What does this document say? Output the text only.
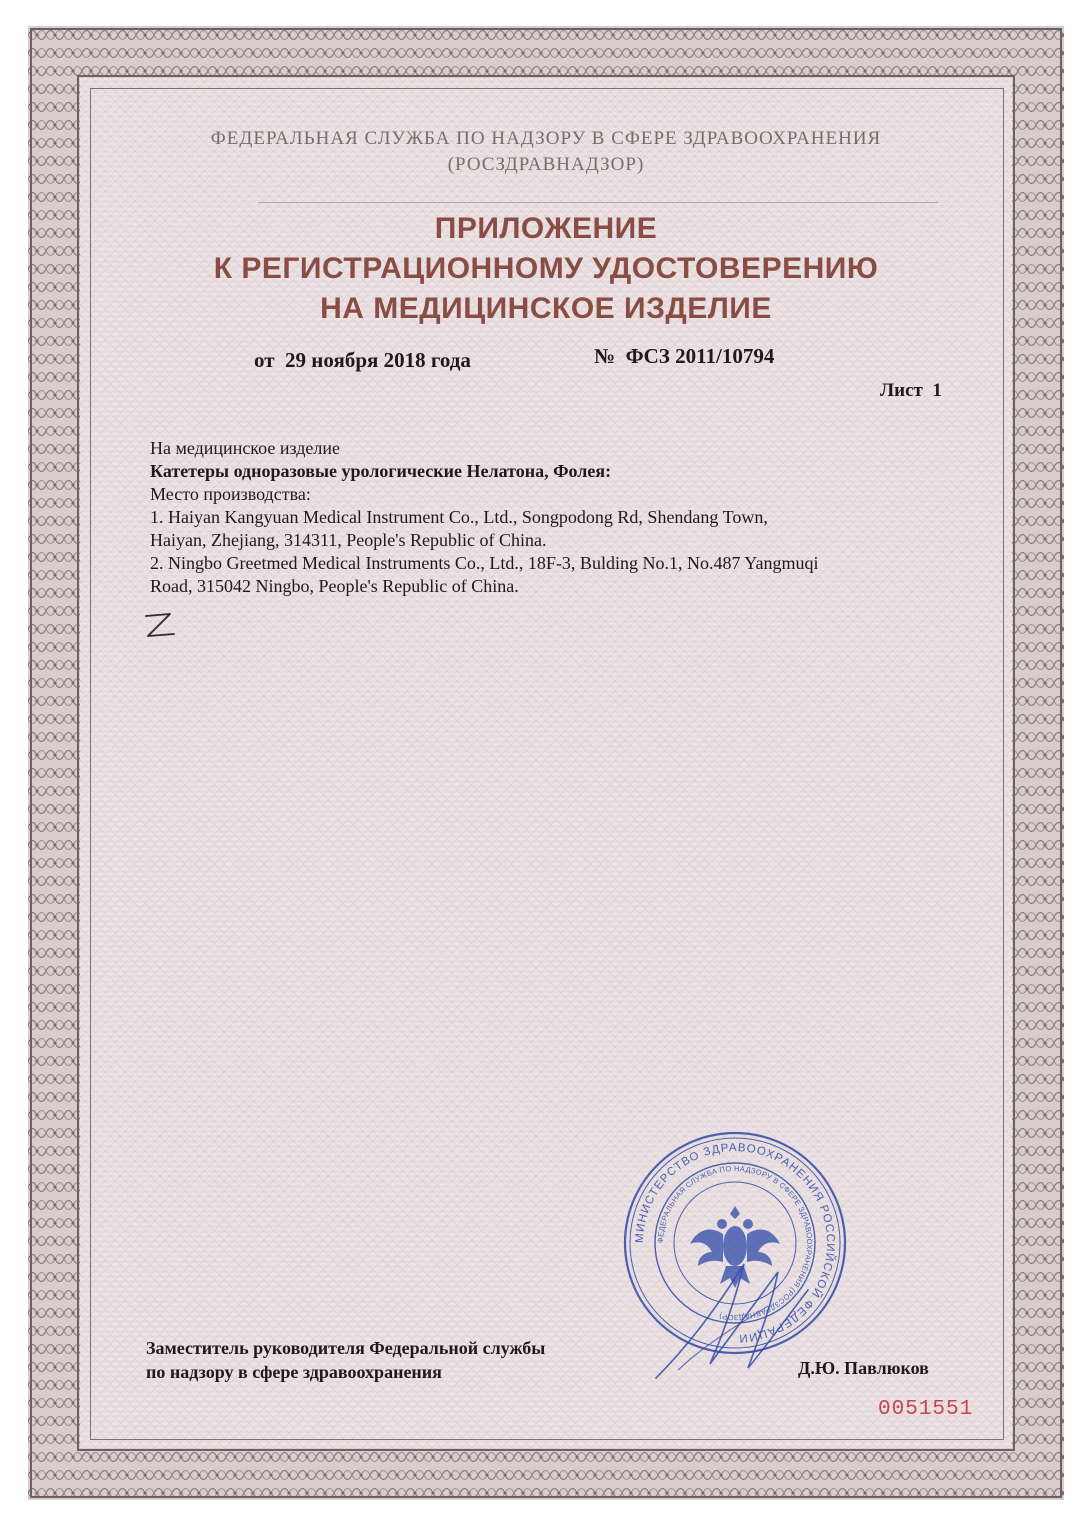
ФЕДЕРАЛЬНАЯ СЛУЖБА ПО НАДЗОРУ В СФЕРЕ ЗДРАВООХРАНЕНИЯ
(РОСЗДРАВНАДЗОР)
ПРИЛОЖЕНИЕ
К РЕГИСТРАЦИОННОМУ УДОСТОВЕРЕНИЮ
НА МЕДИЦИНСКОЕ ИЗДЕЛИЕ
от  29 ноября 2018 года	№  ФСЗ 2011/10794
Лист  1

На медицинское изделие

Катетеры одноразовые урологические Нелатона, Фолея:

Место производства:

1. Haiyan Kangyuan Medical Instrument Co., Ltd., Songpodong Rd, Shendang Town,

Haiyan, Zhejiang, 314311, People's Republic of China.

2. Ningbo Greetmed Medical Instruments Co., Ltd., 18F-3, Bulding No.1, No.487 Yangmuqi

Road, 315042 Ningbo, People's Republic of China.

МИНИСТЕРСТВО ЗДРАВООХРАНЕНИЯ РОССИЙСКОЙ ФЕДЕРАЦИИ
ФЕДЕРАЛЬНАЯ СЛУЖБА ПО НАДЗОРУ В СФЕРЕ ЗДРАВООХРАНЕНИЯ (РОСЗДРАВНАДЗОР)
Заместитель руководителя Федеральной службы
по надзору в сфере здравоохранения	Д.Ю. Павлюков
0051551
